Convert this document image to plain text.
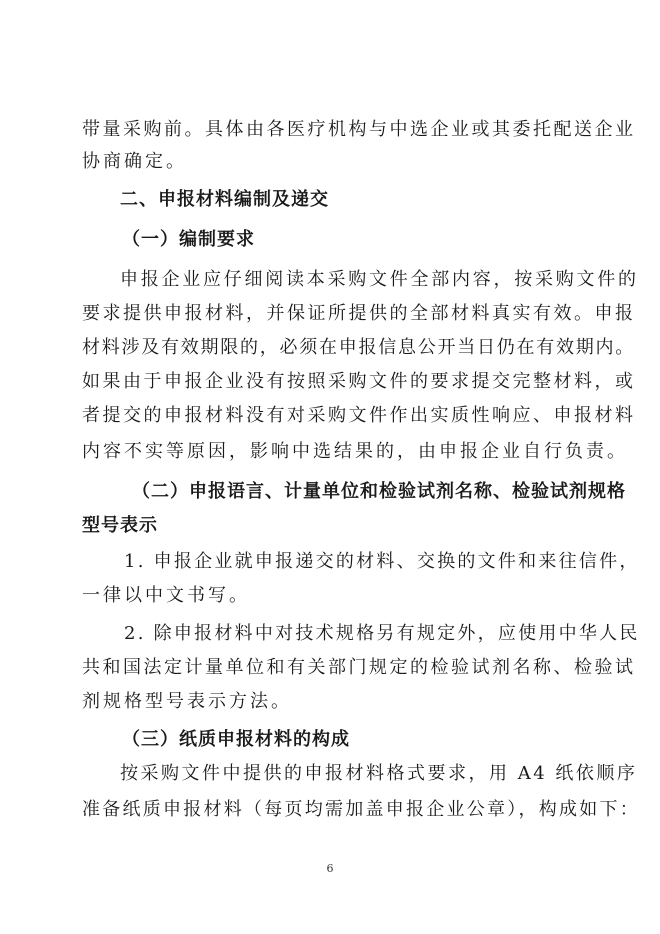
带量采购前。具体由各医疗机构与中选企业或其委托配送企业

协商确定。

二、申报材料编制及递交

（一）编制要求

申报企业应仔细阅读本采购文件全部内容，按采购文件的

要求提供申报材料，并保证所提供的全部材料真实有效。申报

材料涉及有效期限的，必须在申报信息公开当日仍在有效期内。

如果由于申报企业没有按照采购文件的要求提交完整材料，或

者提交的申报材料没有对采购文件作出实质性响应、申报材料

内容不实等原因，影响中选结果的，由申报企业自行负责。

（二）申报语言、计量单位和检验试剂名称、检验试剂规格

型号表示

1. 申报企业就申报递交的材料、交换的文件和来往信件，

一律以中文书写。

2. 除申报材料中对技术规格另有规定外，应使用中华人民

共和国法定计量单位和有关部门规定的检验试剂名称、检验试

剂规格型号表示方法。

（三）纸质申报材料的构成

按采购文件中提供的申报材料格式要求，用 A4 纸依顺序

准备纸质申报材料（每页均需加盖申报企业公章），构成如下：

6
